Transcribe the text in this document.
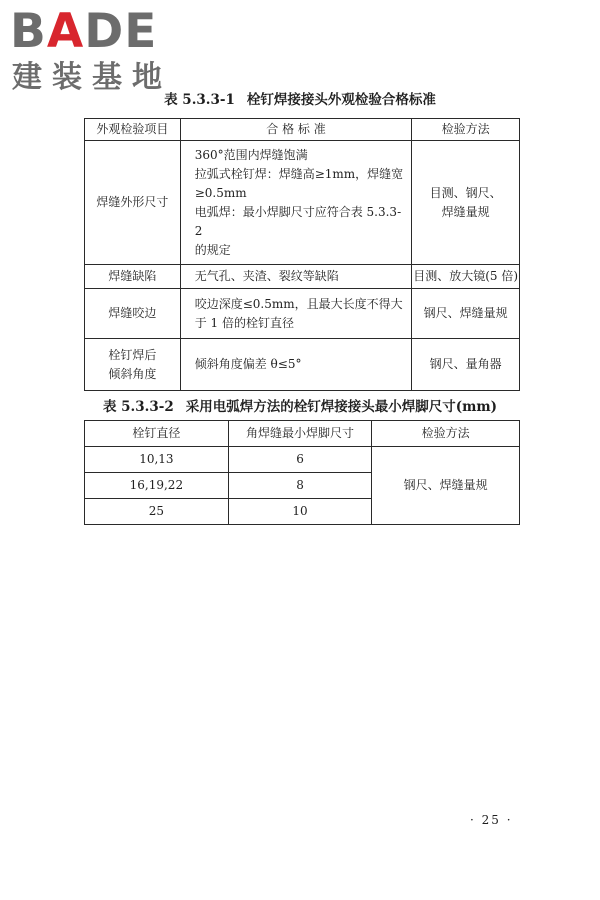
BADE
建装基地
表 5.3.3-1 栓钉焊接接头外观检验合格标准
外观检验项目	合 格 标 准	检验方法
焊缝外形尺寸	360°范围内焊缝饱满
拉弧式栓钉焊：焊缝高≥1mm，焊缝宽
≥0.5mm
电弧焊：最小焊脚尺寸应符合表 5.3.3-2
的规定	目测、钢尺、
焊缝量规

焊缝缺陷	无气孔、夹渣、裂纹等缺陷	目测、放大镜(5 倍)

焊缝咬边	咬边深度≤0.5mm，且最大长度不得大
于 1 倍的栓钉直径	钢尺、焊缝量规

栓钉焊后
倾斜角度	倾斜角度偏差 θ≤5°	钢尺、量角器
表 5.3.3-2 采用电弧焊方法的栓钉焊接接头最小焊脚尺寸(mm)
栓钉直径	角焊缝最小焊脚尺寸	检验方法
10,13	6	钢尺、焊缝量规
16,19,22	8	
25	10	
· 25 ·
